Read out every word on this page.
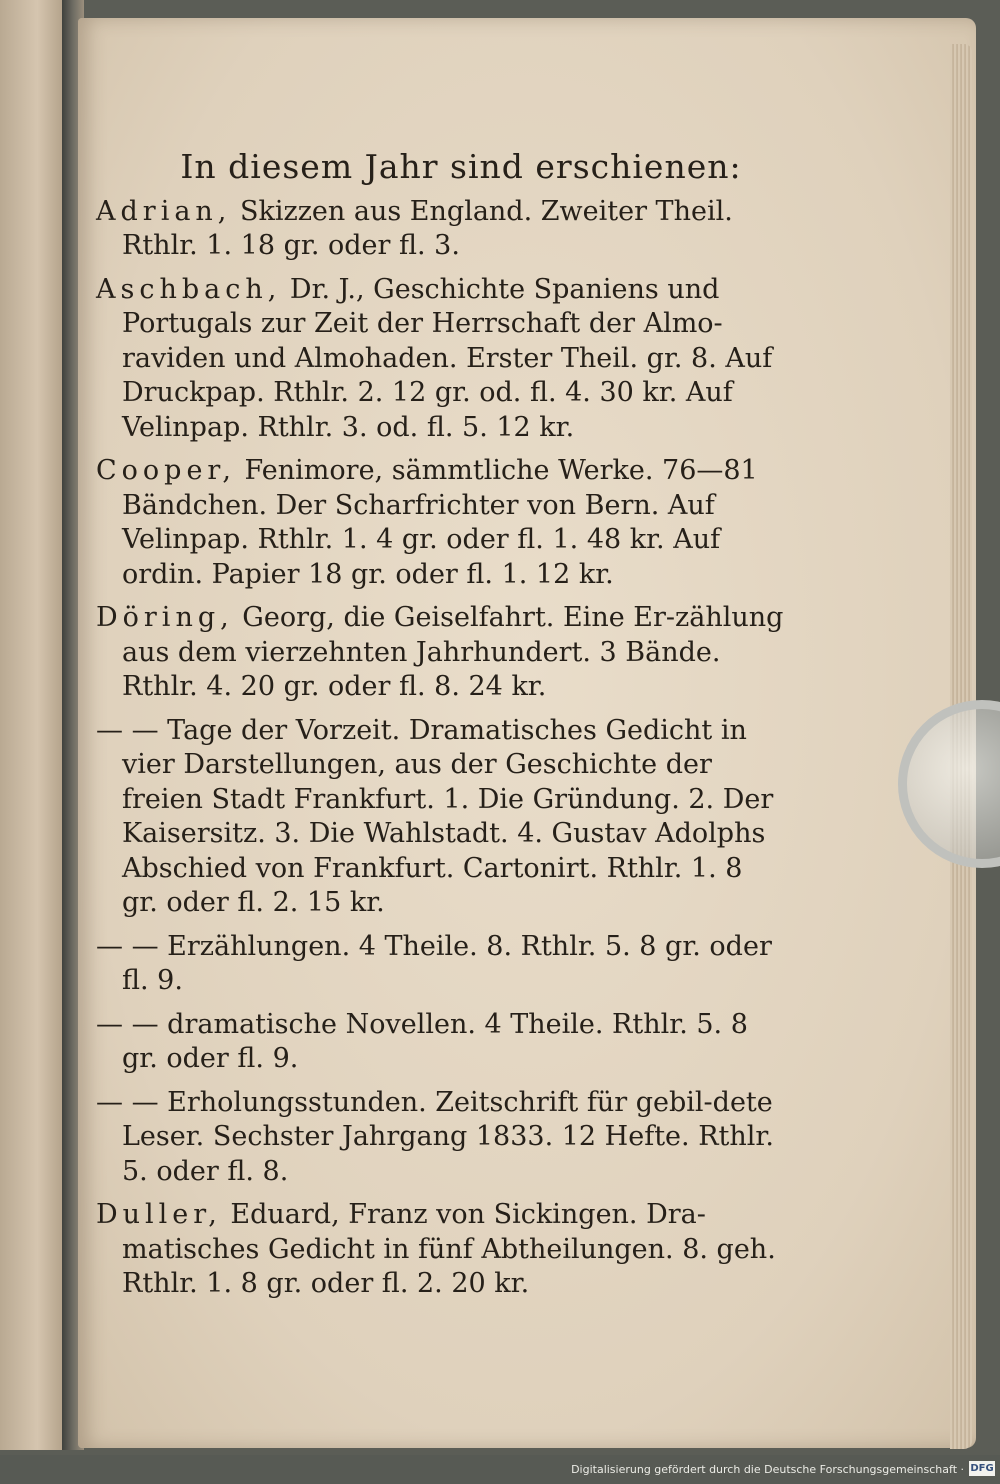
In diesem Jahr sind erschienen:
Adrian, Skizzen aus England. Zweiter Theil. Rthlr. 1. 18 gr. oder fl. 3.
Aschbach, Dr. J., Geschichte Spaniens und Portugals zur Zeit der Herrschaft der Almo-raviden und Almohaden. Erster Theil. gr. 8. Auf Druckpap. Rthlr. 2. 12 gr. od. fl. 4. 30 kr. Auf Velinpap. Rthlr. 3. od. fl. 5. 12 kr.
Cooper, Fenimore, sämmtliche Werke. 76—81 Bändchen. Der Scharfrichter von Bern. Auf Velinpap. Rthlr. 1. 4 gr. oder fl. 1. 48 kr. Auf ordin. Papier 18 gr. oder fl. 1. 12 kr.
Döring, Georg, die Geiselfahrt. Eine Er-zählung aus dem vierzehnten Jahrhundert. 3 Bände. Rthlr. 4. 20 gr. oder fl. 8. 24 kr.
— — Tage der Vorzeit. Dramatisches Gedicht in vier Darstellungen, aus der Geschichte der freien Stadt Frankfurt. 1. Die Gründung. 2. Der Kaisersitz. 3. Die Wahlstadt. 4. Gustav Adolphs Abschied von Frankfurt. Cartonirt. Rthlr. 1. 8 gr. oder fl. 2. 15 kr.
— — Erzählungen. 4 Theile. 8. Rthlr. 5. 8 gr. oder fl. 9.
— — dramatische Novellen. 4 Theile. Rthlr. 5. 8 gr. oder fl. 9.
— — Erholungsstunden. Zeitschrift für gebil-dete Leser. Sechster Jahrgang 1833. 12 Hefte. Rthlr. 5. oder fl. 8.
Duller, Eduard, Franz von Sickingen. Dra-matisches Gedicht in fünf Abtheilungen. 8. geh. Rthlr. 1. 8 gr. oder fl. 2. 20 kr.
Digitalisierung gefördert durch die Deutsche Forschungsgemeinschaft · DFG
